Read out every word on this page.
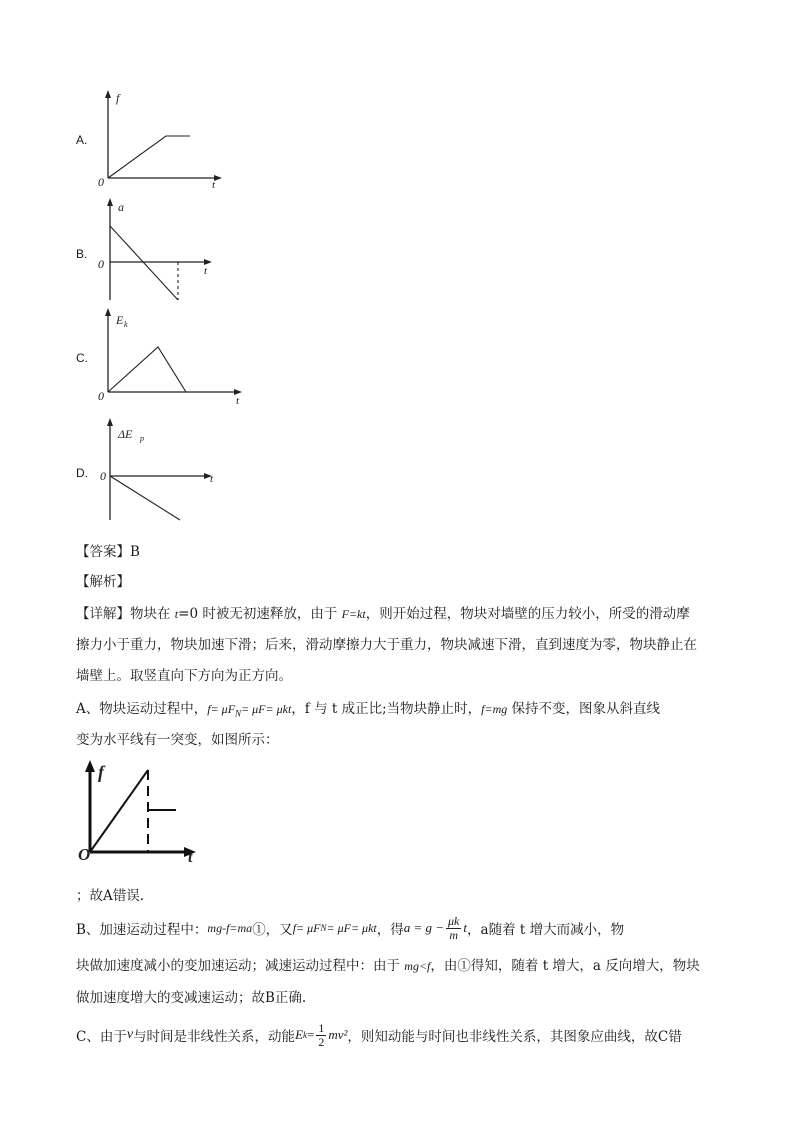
A.
f
t
0
B.
a
t
0
C.
E k
t
0
D.
ΔE p
t
0
【答案】B
【解析】
【详解】物块在 t=0 时被无初速释放，由于 F=kt，则开始过程，物块对墙壁的压力较小，所受的滑动摩
擦力小于重力，物块加速下滑；后来，滑动摩擦力大于重力，物块减速下滑，直到速度为零，物块静止在
墙壁上。取竖直向下方向为正方向。
A、物块运动过程中，$f= \mu F_N= \mu F= \mu kt$，f 与 t 成正比;当物块静止时，f=mg 保持不变，图象从斜直线
变为水平线有一突变，如图所示：
f
t
O
；故A错误.
B、加速运动过程中： mg-f=ma ①，又 f= μF N = μF= μkt ，得 $a = g - \frac{\mu k}{m}$ t ，a随着 t 增大而减小，物
块做加速度减小的变加速运动；减速运动过程中：由于 mg<f，由①得知，随着 t 增大，a 反向增大，物块
做加速度增大的变减速运动；故B正确.
C、由于 v 与时间是非线性关系，动能 E $k = \frac{1}{2} mv^2$ ，则知动能与时间也非线性关系，其图象应曲线，故C错
